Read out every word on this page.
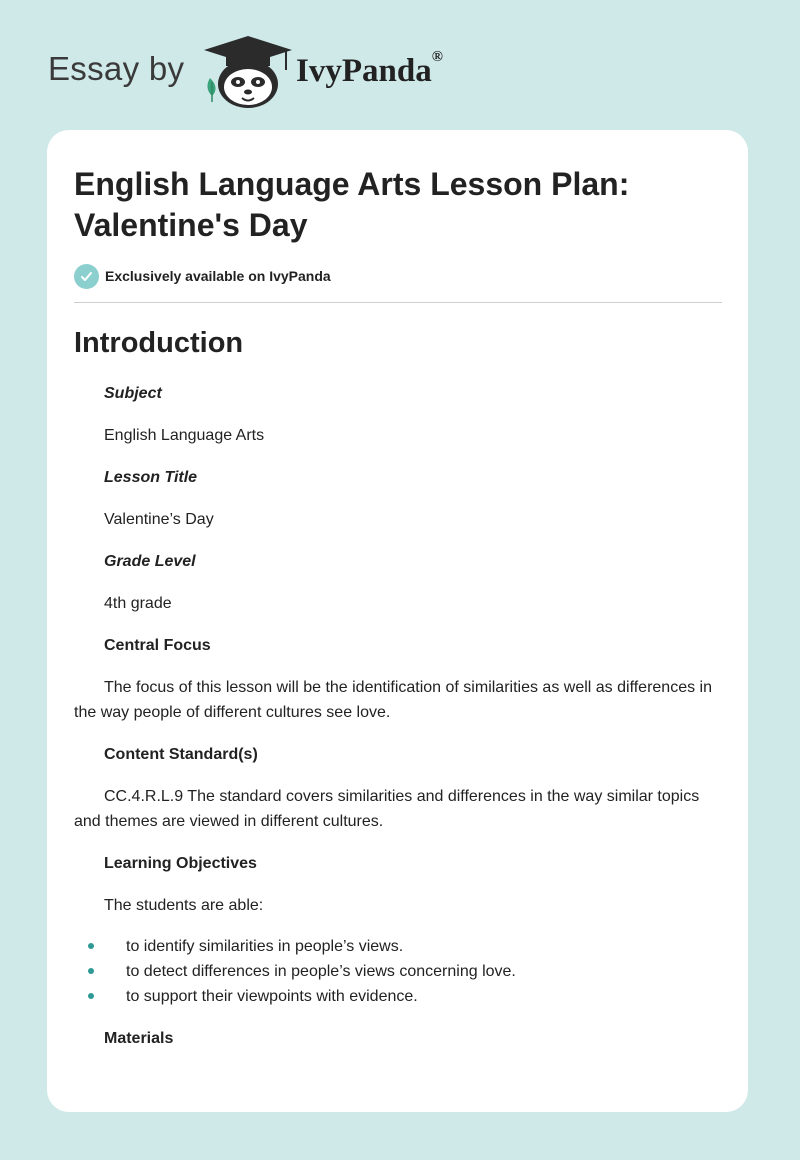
Essay by	IvyPanda®
English Language Arts Lesson Plan: Valentine's Day
Exclusively available on IvyPanda
Introduction

Subject

English Language Arts

Lesson Title

Valentine’s Day

Grade Level

4th grade

Central Focus

The focus of this lesson will be the identification of similarities as well as differences in the way people of different cultures see love.

Content Standard(s)

CC.4.R.L.9 The standard covers similarities and differences in the way similar topics and themes are viewed in different cultures.

Learning Objectives

The students are able:

to identify similarities in people’s views.
to detect differences in people’s views concerning love.
to support their viewpoints with evidence.

Materials
